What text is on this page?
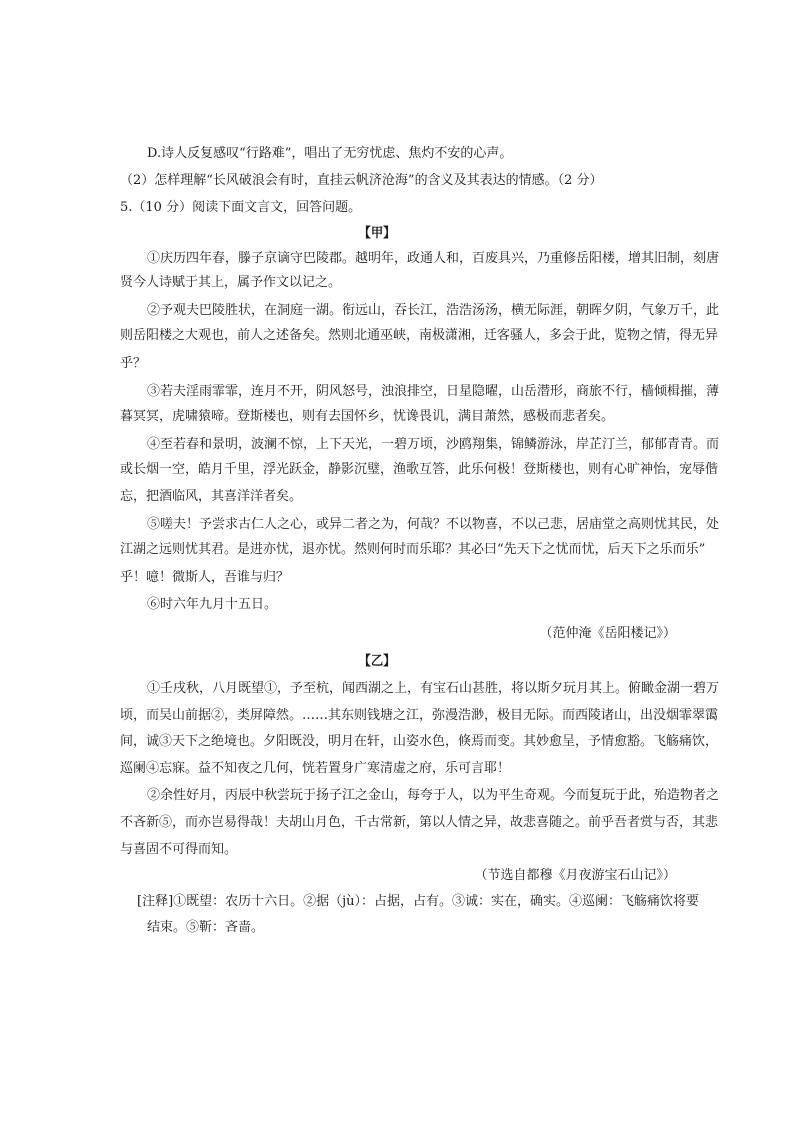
D.诗人反复感叹“行路难”，唱出了无穷忧虑、焦灼不安的心声。
（2）怎样理解“长风破浪会有时，直挂云帆济沧海”的含义及其表达的情感。（2 分）
5.（10 分）阅读下面文言文，回答问题。
【甲】
①庆历四年春，滕子京谪守巴陵郡。越明年，政通人和，百废具兴，乃重修岳阳楼，增其旧制，刻唐
贤今人诗赋于其上，属予作文以记之。
②予观夫巴陵胜状，在洞庭一湖。衔远山，吞长江，浩浩汤汤，横无际涯，朝晖夕阴，气象万千，此
则岳阳楼之大观也，前人之述备矣。然则北通巫峡，南极潇湘，迁客骚人，多会于此，览物之情，得无异
乎？
③若夫淫雨霏霏，连月不开，阴风怒号，浊浪排空，日星隐曜，山岳潜形，商旅不行，樯倾楫摧，薄
暮冥冥，虎啸猿啼。登斯楼也，则有去国怀乡，忧谗畏讥，满目萧然，感极而悲者矣。
④至若春和景明，波澜不惊，上下天光，一碧万顷，沙鸥翔集，锦鳞游泳，岸芷汀兰，郁郁青青。而
或长烟一空，皓月千里，浮光跃金，静影沉璧，渔歌互答，此乐何极！登斯楼也，则有心旷神怡，宠辱偕
忘，把酒临风，其喜洋洋者矣。
⑤嗟夫！予尝求古仁人之心，或异二者之为，何哉？不以物喜，不以己悲，居庙堂之高则忧其民，处
江湖之远则忧其君。是进亦忧，退亦忧。然则何时而乐耶？其必曰“先天下之忧而忧，后天下之乐而乐”
乎！噫！微斯人，吾谁与归？
⑥时六年九月十五日。
（范仲淹《岳阳楼记》）
【乙】
①壬戌秋，八月既望①，予至杭，闻西湖之上，有宝石山甚胜，将以斯夕玩月其上。俯瞰金湖一碧万
顷，而吴山前据②，类屏障然。……其东则钱塘之江，弥漫浩渺，极目无际。而西陵诸山，出没烟霏翠霭
间，诚③天下之绝境也。夕阳既没，明月在轩，山姿水色，倏焉而变。其妙愈呈，予情愈豁。飞觞痛饮，
巡阑④忘寐。益不知夜之几何，恍若置身广寒清虚之府，乐可言耶！
②余性好月，丙辰中秋尝玩于扬子江之金山，每夸于人，以为平生奇观。今而复玩于此，殆造物者之
不吝新⑤，而亦岂易得哉！夫胡山月色，千古常新，第以人情之异，故悲喜随之。前乎吾者赏与否，其悲
与喜固不可得而知。
（节选自都穆《月夜游宝石山记》）
[注释]①既望：农历十六日。②据（jù）：占据，占有。③诚：实在，确实。④巡阑：飞觞痛饮将要
结束。⑤靳：吝啬。
